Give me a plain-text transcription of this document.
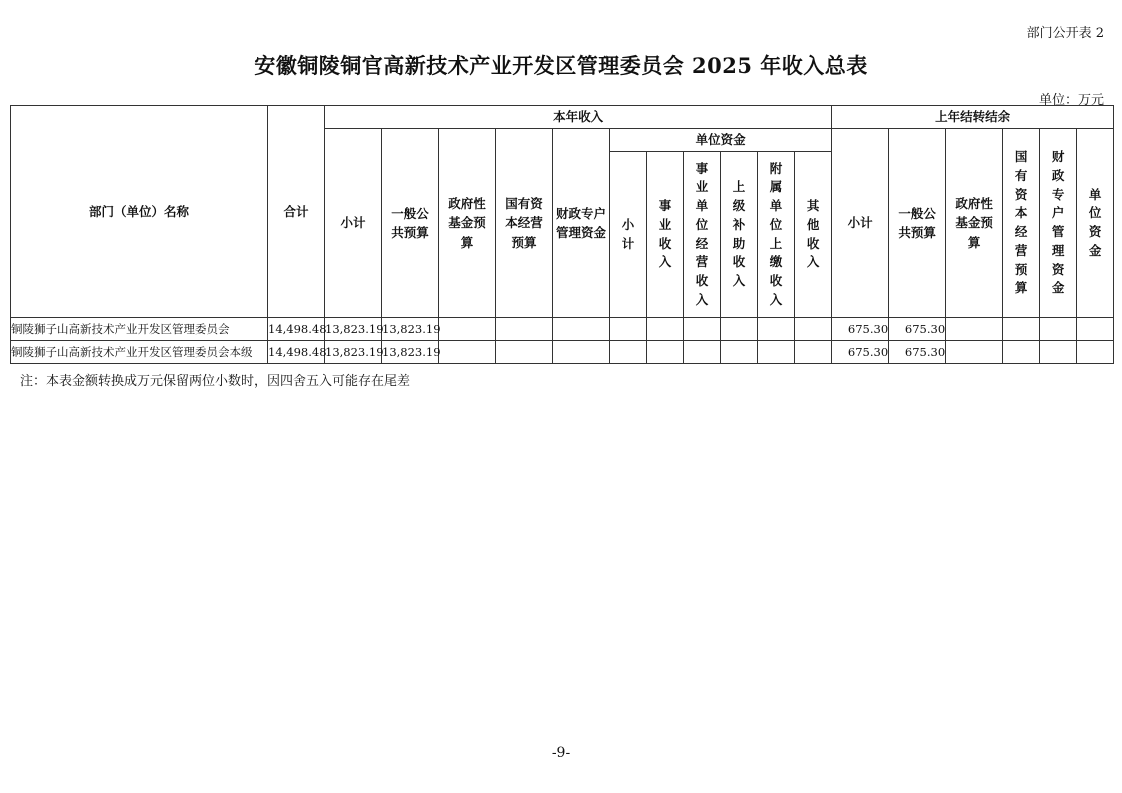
部门公开表 2
安徽铜陵铜官高新技术产业开发区管理委员会 2025 年收入总表
单位：万元
部门（单位）名称	合计	本年收入											上年结转结余					
		小计	一般公共预算	政府性基金预算	国有资本经营预算	财政专户管理资金	单位资金						小计	一般公共预算	政府性基金预算	国有资本经营预算	财政专户管理资金	单位资金

							小计	事业收入	事业单位经营收入	上级补助收入	附属单位上缴收入	其他收入						

铜陵狮子山高新技术产业开发区管理委员会	14,498.48	13,823.19	13,823.19										675.30	675.30				
铜陵狮子山高新技术产业开发区管理委员会本级	14,498.48	13,823.19	13,823.19										675.30	675.30				
注：本表金额转换成万元保留两位小数时，因四舍五入可能存在尾差
-9-
